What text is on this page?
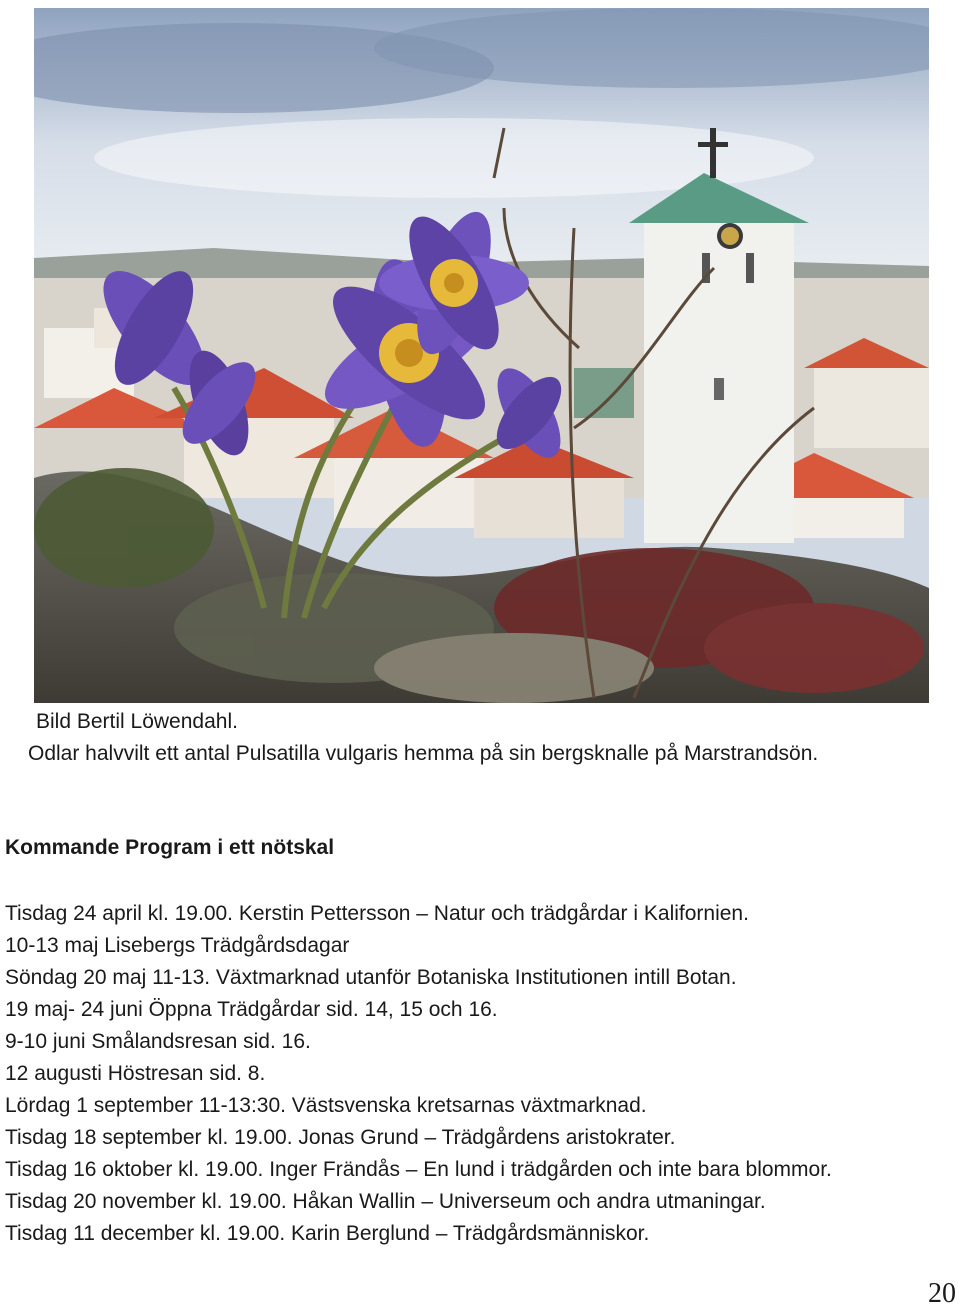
Bild Bertil Löwendahl.
Odlar halvvilt ett antal Pulsatilla vulgaris hemma på sin bergsknalle på Marstrandsön.
Kommande Program i ett nötskal
Tisdag 24 april kl. 19.00. Kerstin Pettersson – Natur och trädgårdar i Kalifornien.
10-13 maj Lisebergs Trädgårdsdagar
Söndag 20 maj 11-13. Växtmarknad utanför Botaniska Institutionen intill Botan.
19 maj- 24 juni Öppna Trädgårdar sid. 14, 15 och 16.
9-10 juni Smålandsresan sid. 16.
12 augusti Höstresan sid. 8.
Lördag 1 september 11-13:30. Västsvenska kretsarnas växtmarknad.
Tisdag 18 september kl. 19.00. Jonas Grund – Trädgårdens aristokrater.
Tisdag 16 oktober kl. 19.00. Inger Frändås – En lund i trädgården och inte bara blommor.
Tisdag 20 november kl. 19.00. Håkan Wallin – Universeum och andra utmaningar.
Tisdag 11 december kl. 19.00. Karin Berglund – Trädgårdsmänniskor.
20
